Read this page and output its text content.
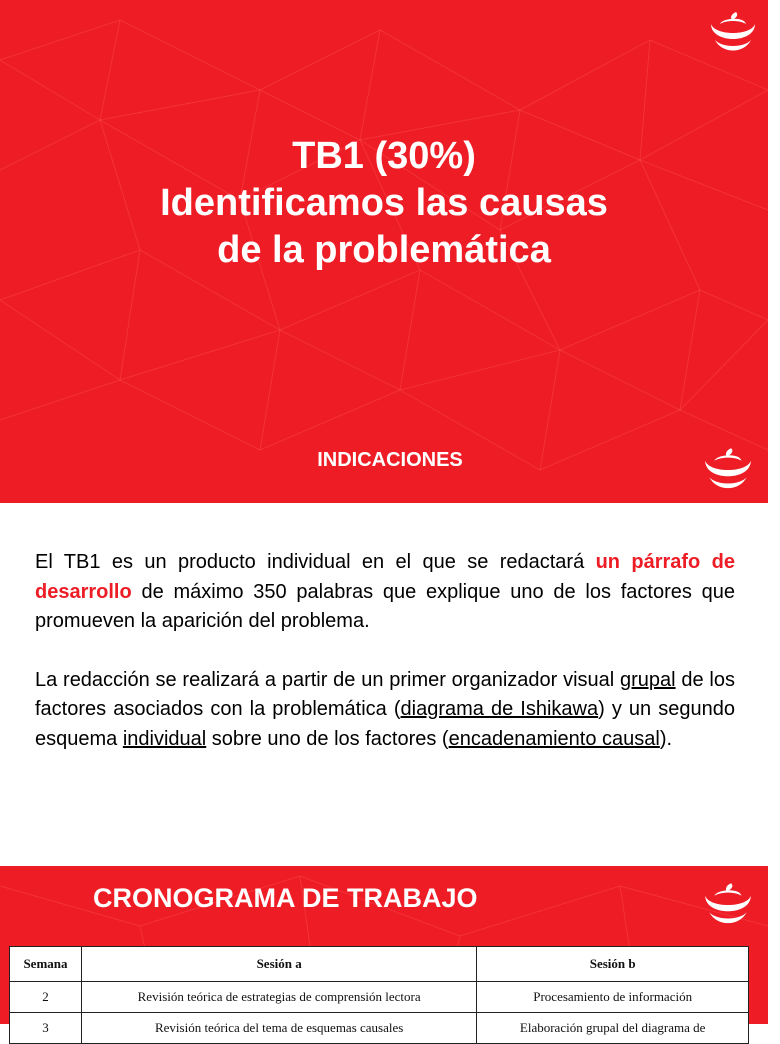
TB1 (30%)
Identificamos las causas
de la problemática
INDICACIONES

El TB1 es un producto individual en el que se redactará un párrafo de desarrollo de máximo 350 palabras que explique uno de los factores que promueven la aparición del problema.

La redacción se realizará a partir de un primer organizador visual grupal de los factores asociados con la problemática (diagrama de Ishikawa) y un segundo esquema individual sobre uno de los factores (encadenamiento causal).

CRONOGRAMA DE TRABAJO
Semana	Sesión a	Sesión b
2	Revisión teórica de estrategias de comprensión lectora	Procesamiento de información
3	Revisión teórica del tema de esquemas causales	Elaboración grupal del diagrama de
